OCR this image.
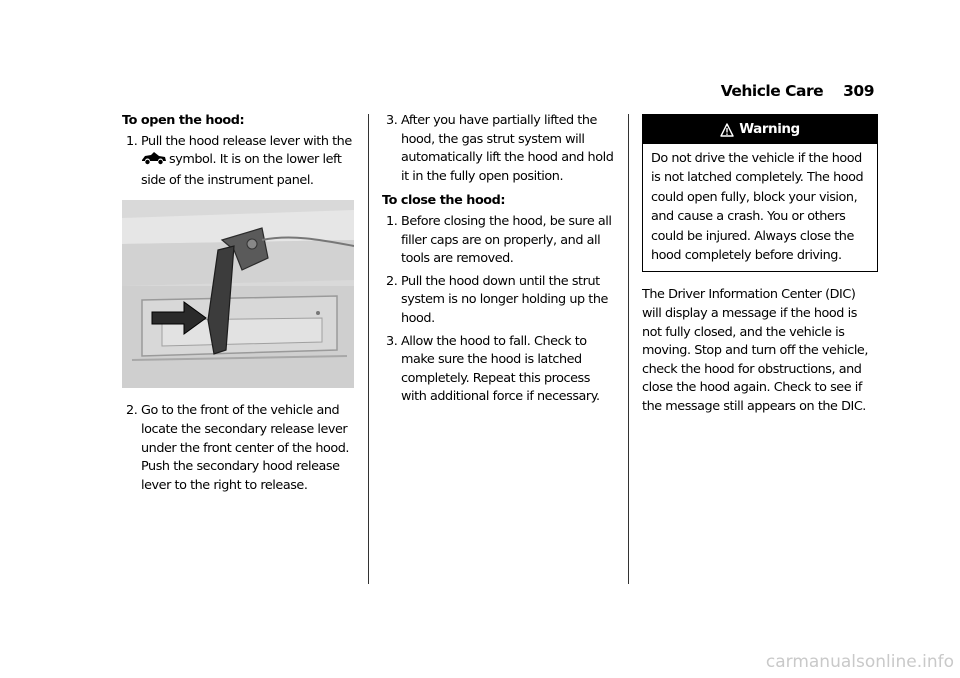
Vehicle Care 309
To open the hood:
1. Pull the hood release lever with the
symbol. It is on the lower left side of the instrument panel.
2. Go to the front of the vehicle and locate the secondary release lever under the front center of the hood. Push the secondary hood release lever to the right to release.
3. After you have partially lifted the hood, the gas strut system will automatically lift the hood and hold it in the fully open position.
To close the hood:
1. Before closing the hood, be sure all filler caps are on properly, and all tools are removed.
2. Pull the hood down until the strut system is no longer holding up the hood.
3. Allow the hood to fall. Check to make sure the hood is latched completely. Repeat this process with additional force if necessary.
Warning
Do not drive the vehicle if the hood is not latched completely. The hood could open fully, block your vision, and cause a crash. You or others could be injured. Always close the hood completely before driving.
The Driver Information Center (DIC) will display a message if the hood is not fully closed, and the vehicle is moving. Stop and turn off the vehicle, check the hood for obstructions, and close the hood again. Check to see if the message still appears on the DIC.
carmanualsonline.info
